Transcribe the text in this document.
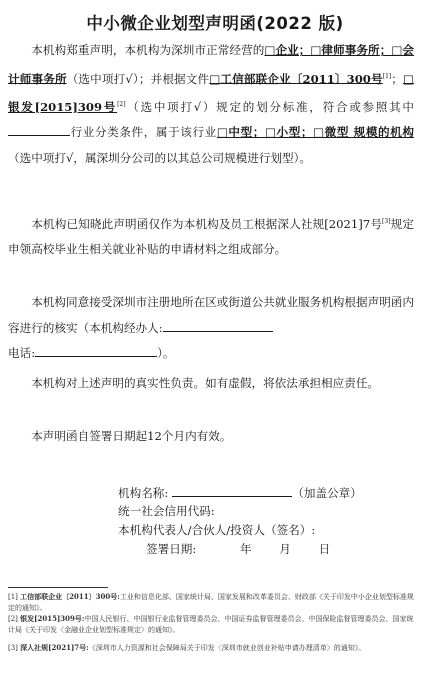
中小微企业划型声明函(2022 版)
  本机构郑重声明，本机构为深圳市正常经营的□企业；□律师事务所；□会计师事务所（选中项打√）；并根据文件□工信部联企业〔2011〕300号[1]；□银发[2015]309号[2]（选中项打√）规定的划分标准，符合或参照其中行业分类条件，属于该行业□中型；□小型；□微型 规模的机构（选中项打√，属深圳分公司的以其总公司规模进行划型）。
  本机构已知晓此声明函仅作为本机构及员工根据深人社规[2021]7号[3]规定申领高校毕业生相关就业补贴的申请材料之组成部分。
  本机构同意接受深圳市注册地所在区或街道公共就业服务机构根据声明函内容进行的核实（本机构经办人:
电话:	）。
  本机构对上述声明的真实性负责。如有虚假，将依法承担相应责任。
  本声明函自签署日期起12个月内有效。
机构名称:	（加盖公章）
统一社会信用代码:
本机构代表人/合伙人/投资人（签名）:
签署日期:	年 月 日
[1] 工信部联企业〔2011〕300号:工业和信息化部、国家统计局、国家发展和改革委员会、财政部《关于印发中小企业划型标准规定的通知》。
[2] 银发[2015]309号:中国人民银行、中国银行业监督管理委员会、中国证券监督管理委员会、中国保险监督管理委员会、国家统计局《关于印发〈金融业企业划型标准规定〉的通知》。
[3] 深人社规[2021]7号:《深圳市人力资源和社会保障局关于印发〈深圳市就业创业补贴申请办理清单〉的通知》。
